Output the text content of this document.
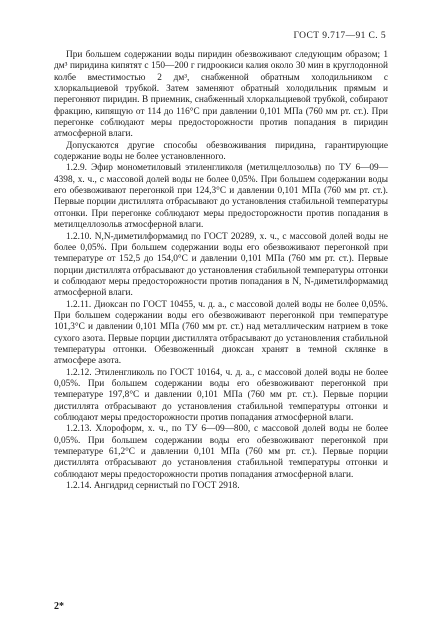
ГОСТ 9.717—91 С. 5

При большем содержании воды пиридин обезвоживают следующим образом; 1 дм³ пиридина кипятят с 150—200 г гидроокиси калия около 30 мин в круглодонной колбе вместимостью 2 дм³, снабженной обратным холодильником с хлоркальциевой трубкой. Затем заменяют обратный холодильник прямым и перегоняют пиридин. В приемник, снабженный хлоркальциевой трубкой, собирают фракцию, кипящую от 114 до 116°С при давлении 0,101 МПа (760 мм рт. ст.). При перегонке соблюдают меры предосторожности против попадания в пиридин атмосферной влаги.

Допускаются другие способы обезвоживания пиридина, гарантирующие содержание воды не более установленного.

1.2.9. Эфир монометиловый этиленгликоля (метилцеллозольв) по ТУ 6—09—4398, х. ч., с массовой долей воды не более 0,05%. При большем содержании воды его обезвоживают перегонкой при 124,3°С и давлении 0,101 МПа (760 мм рт. ст.). Первые порции дистиллята отбрасывают до установления стабильной температуры отгонки. При перегонке соблюдают меры предосторожности против попадания в метилцеллозольв атмосферной влаги.

1.2.10. N,N-диметилформамид по ГОСТ 20289, х. ч., с массовой долей воды не более 0,05%. При большем содержании воды его обезвоживают перегонкой при температуре от 152,5 до 154,0°С и давлении 0,101 МПа (760 мм рт. ст.). Первые порции дистиллята отбрасывают до установления стабильной температуры отгонки и соблюдают меры предосторожности против попадания в N, N-диметилформамид атмосферной влаги.

1.2.11. Диоксан по ГОСТ 10455, ч. д. а., с массовой долей воды не более 0,05%. При большем содержании воды его обезвоживают перегонкой при температуре 101,3°С и давлении 0,101 МПа (760 мм рт. ст.) над металлическим натрием в токе сухого азота. Первые порции дистиллята отбрасывают до установления стабильной температуры отгонки. Обезвоженный диоксан хранят в темной склянке в атмосфере азота.

1.2.12. Этиленгликоль по ГОСТ 10164, ч. д. а., с массовой долей воды не более 0,05%. При большем содержании воды его обезвоживают перегонкой при температуре 197,8°С и давлении 0,101 МПа (760 мм рт. ст.). Первые порции дистиллята отбрасывают до установления стабильной температуры отгонки и соблюдают меры предосторожности против попадания атмосферной влаги.

1.2.13. Хлороформ, х. ч., по ТУ 6—09—800, с массовой долей воды не более 0,05%. При большем содержании воды его обезвоживают перегонкой при температуре 61,2°С и давлении 0,101 МПа (760 мм рт. ст.). Первые порции дистиллята отбрасывают до установления стабильной температуры отгонки и соблюдают меры предосторожности против попадания атмосферной влаги.

1.2.14. Ангидрид сернистый по ГОСТ 2918.

2*
